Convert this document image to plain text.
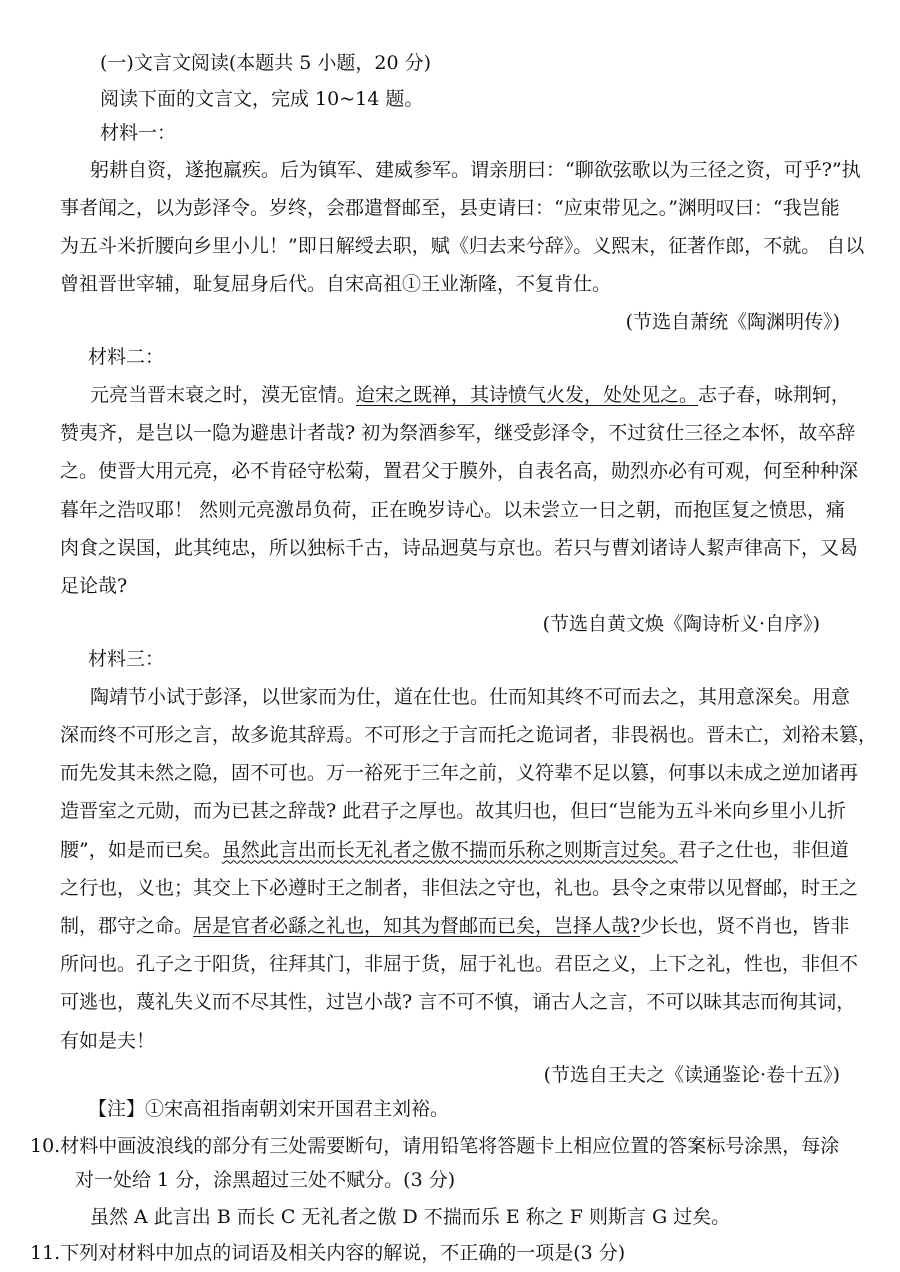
(一)文言文阅读(本题共 5 小题，20 分)
阅读下面的文言文，完成 10~14 题。
材料一：
躬耕自资，遂抱羸疾。后为镇军、建威参军。谓亲朋曰：“聊欲弦歌以为三径之资，可乎?”执
事者闻之，以为彭泽令。岁终，会郡遣督邮至，县吏请曰：“应束带见之。”渊明叹曰：“我岂能
为五斗米折腰向乡里小儿！”即日解绶去职，赋《归去来兮辞》。义熙末，征著作郎，不就。 自以
曾祖晋世宰辅，耻复屈身后代。自宋高祖①王业渐隆，不复肯仕。
(节选自萧统《陶渊明传》)
材料二：
元亮当晋末衰之时，漠无宦情。迨宋之既禅，其诗愤气火发，处处见之。志子春，咏荆轲，
赞夷齐，是岂以一隐为避患计者哉? 初为祭酒参军，继受彭泽令，不过贫仕三径之本怀，故卒辞
之。使晋大用元亮，必不肯硁守松菊，置君父于膜外，自表名高，勋烈亦必有可观，何至种种深
暮年之浩叹耶！ 然则元亮激昂负荷，正在晚岁诗心。以未尝立一日之朝，而抱匡复之愤思，痛
肉食之误国，此其纯忠，所以独标千古，诗品迥莫与京也。若只与曹刘诸诗人絜声律高下，又曷
足论哉?
(节选自黄文焕《陶诗析义·自序》)
材料三：
陶靖节小试于彭泽，以世家而为仕，道在仕也。仕而知其终不可而去之，其用意深矣。用意
深而终不可形之言，故多诡其辞焉。不可形之于言而托之诡词者，非畏祸也。晋未亡，刘裕未篡，
而先发其未然之隐，固不可也。万一裕死于三年之前，义符辈不足以篡，何事以未成之逆加诸再
造晋室之元勋，而为已甚之辞哉? 此君子之厚也。故其归也，但曰“岂能为五斗米向乡里小儿折
腰”，如是而已矣。虽然此言出而长无礼者之傲不揣而乐称之则斯言过矣。君子之仕也，非但道
之行也，义也；其交上下必遵时王之制者，非但法之守也，礼也。县令之束带以见督邮，时王之
制，郡守之命。居是官者必繇之礼也，知其为督邮而已矣，岂择人哉?少长也，贤不肖也，皆非
所问也。孔子之于阳货，往拜其门，非屈于货，屈于礼也。君臣之义，上下之礼，性也，非但不
可逃也，蔑礼失义而不尽其性，过岂小哉? 言不可不慎，诵古人之言，不可以昧其志而徇其词，
有如是夫！
(节选自王夫之《读通鉴论·卷十五》)
【注】①宋高祖指南朝刘宋开国君主刘裕。
10.材料中画波浪线的部分有三处需要断句，请用铅笔将答题卡上相应位置的答案标号涂黑，每涂
对一处给 1 分，涂黑超过三处不赋分。(3 分)
虽然 A 此言出 B 而长 C 无礼者之傲 D 不揣而乐 E 称之 F 则斯言 G 过矣。
11.下列对材料中加点的词语及相关内容的解说，不正确的一项是(3 分)
